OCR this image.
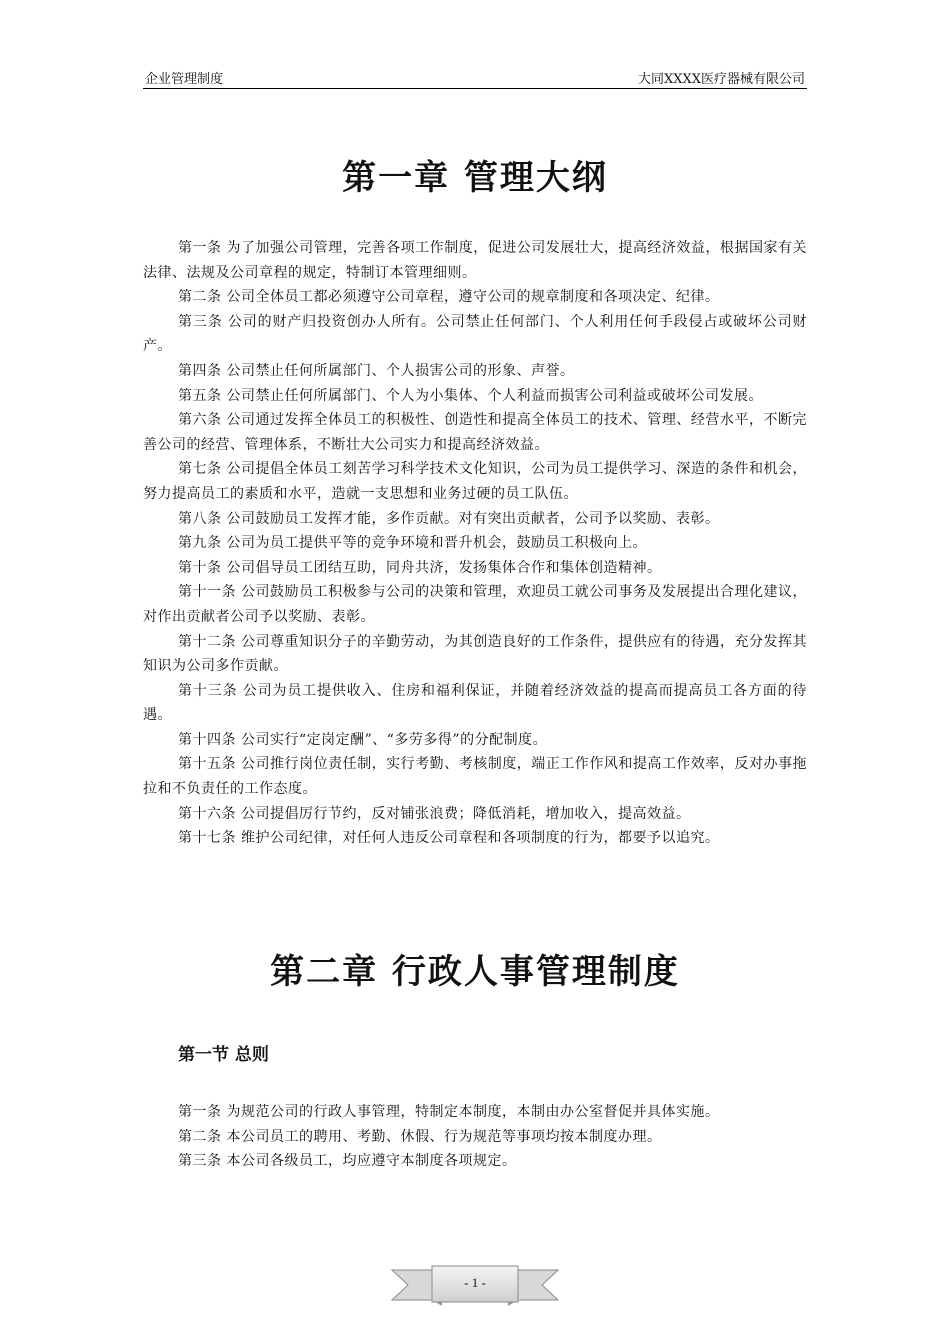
企业管理制度	大同XXXX医疗器械有限公司
第一章 管理大纲

第一条 为了加强公司管理，完善各项工作制度，促进公司发展壮大，提高经济效益，根据国家有关法律、法规及公司章程的规定，特制订本管理细则。

第二条 公司全体员工都必须遵守公司章程，遵守公司的规章制度和各项决定、纪律。

第三条 公司的财产归投资创办人所有。公司禁止任何部门、个人利用任何手段侵占或破坏公司财产。

第四条 公司禁止任何所属部门、个人损害公司的形象、声誉。

第五条 公司禁止任何所属部门、个人为小集体、个人利益而损害公司利益或破坏公司发展。

第六条 公司通过发挥全体员工的积极性、创造性和提高全体员工的技术、管理、经营水平，不断完善公司的经营、管理体系，不断壮大公司实力和提高经济效益。

第七条 公司提倡全体员工刻苦学习科学技术文化知识，公司为员工提供学习、深造的条件和机会，努力提高员工的素质和水平，造就一支思想和业务过硬的员工队伍。

第八条 公司鼓励员工发挥才能，多作贡献。对有突出贡献者，公司予以奖励、表彰。

第九条 公司为员工提供平等的竞争环境和晋升机会，鼓励员工积极向上。

第十条 公司倡导员工团结互助，同舟共济，发扬集体合作和集体创造精神。

第十一条 公司鼓励员工积极参与公司的决策和管理，欢迎员工就公司事务及发展提出合理化建议，对作出贡献者公司予以奖励、表彰。

第十二条 公司尊重知识分子的辛勤劳动，为其创造良好的工作条件，提供应有的待遇，充分发挥其知识为公司多作贡献。

第十三条 公司为员工提供收入、住房和福利保证，并随着经济效益的提高而提高员工各方面的待遇。

第十四条 公司实行“定岗定酬”、“多劳多得”的分配制度。

第十五条 公司推行岗位责任制，实行考勤、考核制度，端正工作作风和提高工作效率，反对办事拖拉和不负责任的工作态度。

第十六条 公司提倡厉行节约，反对铺张浪费；降低消耗，增加收入，提高效益。

第十七条 维护公司纪律，对任何人违反公司章程和各项制度的行为，都要予以追究。

第二章 行政人事管理制度
第一节 总则

第一条 为规范公司的行政人事管理，特制定本制度，本制由办公室督促并具体实施。

第二条 本公司员工的聘用、考勤、休假、行为规范等事项均按本制度办理。

第三条 本公司各级员工，均应遵守本制度各项规定。

- 1 -
